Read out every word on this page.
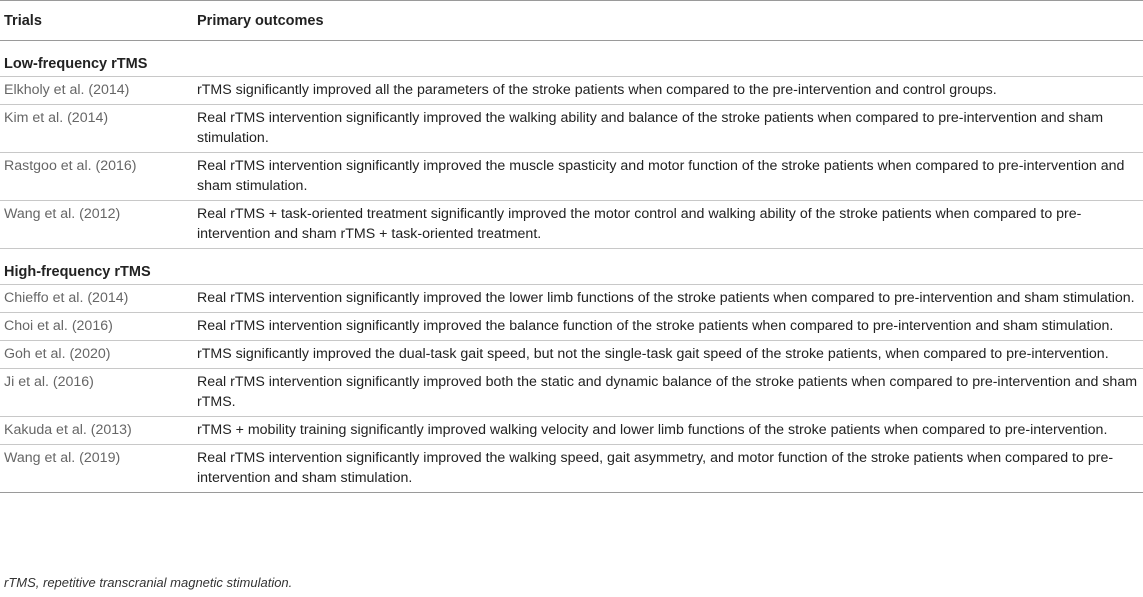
Trials	Primary outcomes
Low-frequency rTMS	
Elkholy et al. (2014)	rTMS significantly improved all the parameters of the stroke patients when compared to the pre-intervention and control groups.
Kim et al. (2014)	Real rTMS intervention significantly improved the walking ability and balance of the stroke patients when compared to pre-intervention and sham stimulation.
Rastgoo et al. (2016)	Real rTMS intervention significantly improved the muscle spasticity and motor function of the stroke patients when compared to pre-intervention and sham stimulation.
Wang et al. (2012)	Real rTMS + task-oriented treatment significantly improved the motor control and walking ability of the stroke patients when compared to pre-intervention and sham rTMS + task-oriented treatment.
High-frequency rTMS	
Chieffo et al. (2014)	Real rTMS intervention significantly improved the lower limb functions of the stroke patients when compared to pre-intervention and sham stimulation.
Choi et al. (2016)	Real rTMS intervention significantly improved the balance function of the stroke patients when compared to pre-intervention and sham stimulation.
Goh et al. (2020)	rTMS significantly improved the dual-task gait speed, but not the single-task gait speed of the stroke patients, when compared to pre-intervention.
Ji et al. (2016)	Real rTMS intervention significantly improved both the static and dynamic balance of the stroke patients when compared to pre-intervention and sham rTMS.
Kakuda et al. (2013)	rTMS + mobility training significantly improved walking velocity and lower limb functions of the stroke patients when compared to pre-intervention.
Wang et al. (2019)	Real rTMS intervention significantly improved the walking speed, gait asymmetry, and motor function of the stroke patients when compared to pre-intervention and sham stimulation.
rTMS, repetitive transcranial magnetic stimulation.
